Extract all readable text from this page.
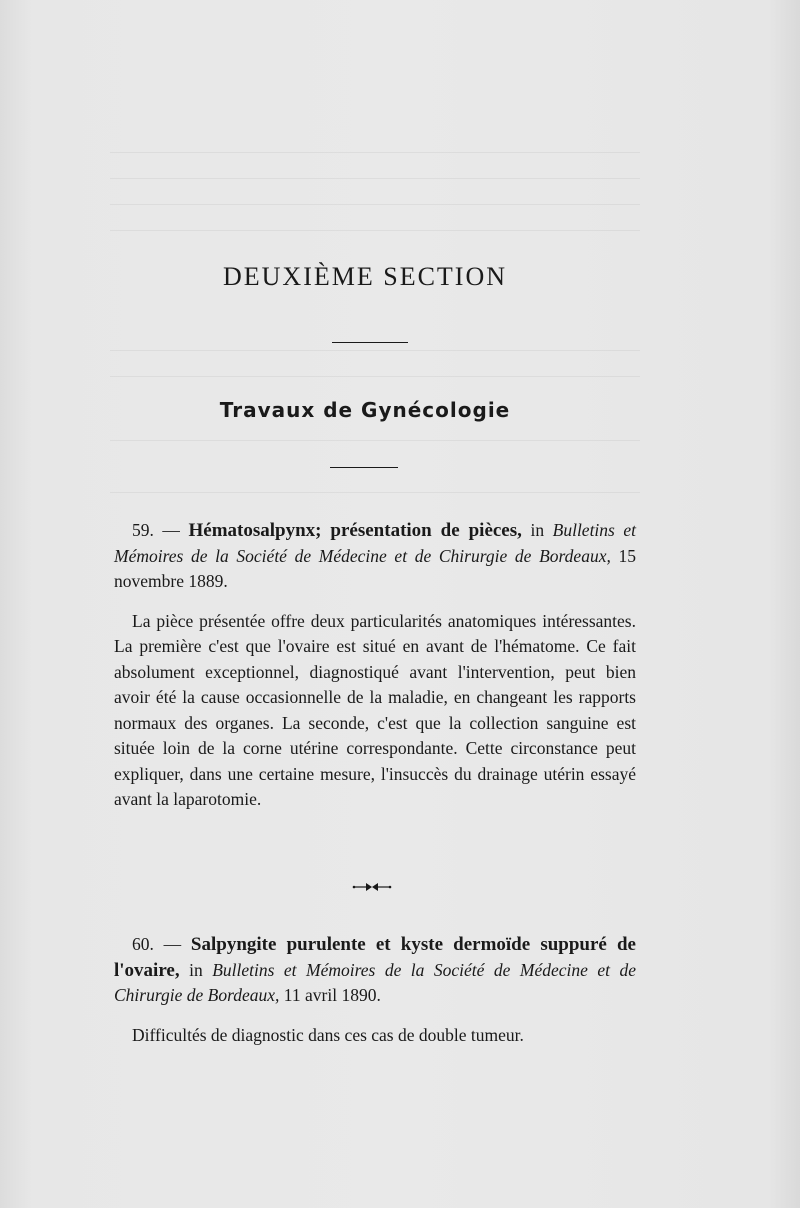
DEUXIÈME SECTION
Travaux de Gynécologie
59. — Hématosalpynx; présentation de pièces, in Bulletins et Mémoires de la Société de Médecine et de Chirurgie de Bordeaux, 15 novembre 1889.
La pièce présentée offre deux particularités anatomiques intéressantes. La première c'est que l'ovaire est situé en avant de l'hématome. Ce fait absolument exceptionnel, diagnostiqué avant l'intervention, peut bien avoir été la cause occasionnelle de la maladie, en changeant les rapports normaux des organes. La seconde, c'est que la collection sanguine est située loin de la corne utérine correspondante. Cette circonstance peut expliquer, dans une certaine mesure, l'insuccès du drainage utérin essayé avant la laparotomie.
60. — Salpyngite purulente et kyste dermoïde suppuré de l'ovaire, in Bulletins et Mémoires de la Société de Médecine et de Chirurgie de Bordeaux, 11 avril 1890.
Difficultés de diagnostic dans ces cas de double tumeur.
